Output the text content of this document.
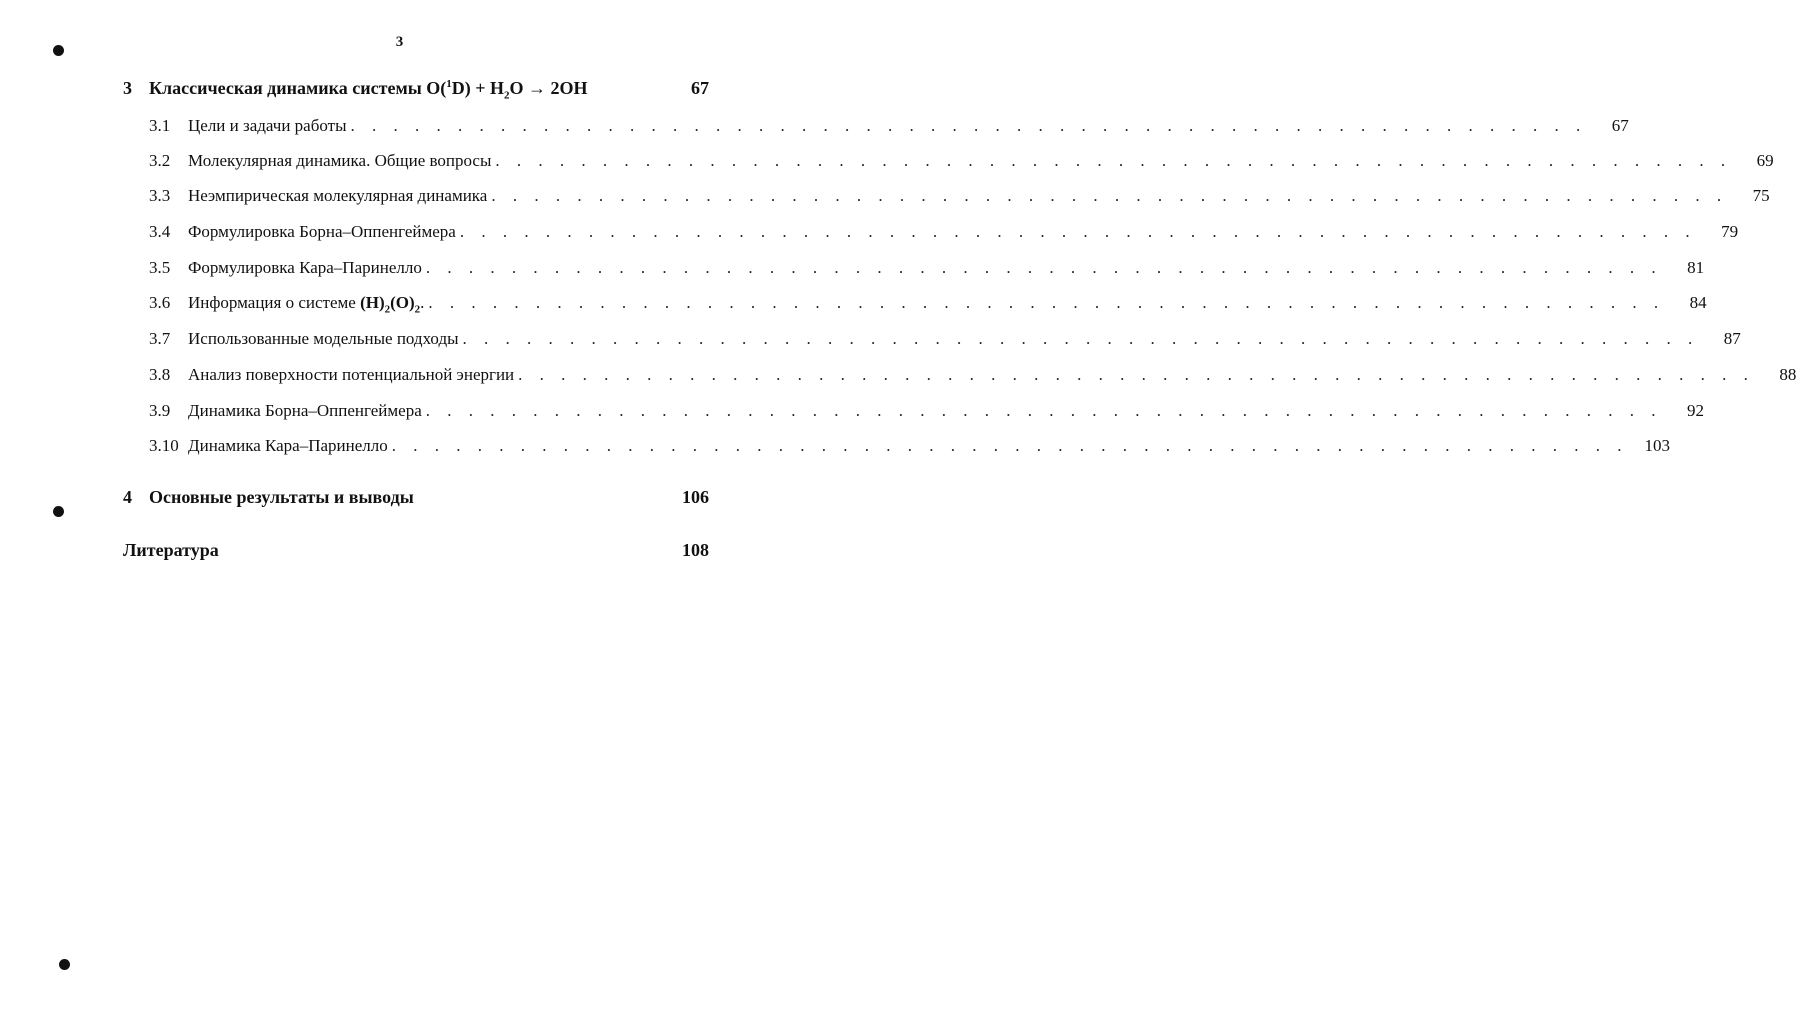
3
3 Классическая динамика системы $O(^1D) + H_2O \to 2OH$	67
3.1	Цели и задачи работы . . . . . . . . . . . . . . . . . . . . . . . . . . . . . . . . . . . . . . . . . . . . . . . . . . . . . . . . . .	67
3.2	Молекулярная динамика. Общие вопросы . . . . . . . . . . . . . . . . . . . . . . . . . . . . . . . . . . . . . . . . . . . . . . . . . . . . . . . . . .	69
3.3	Неэмпирическая молекулярная динамика . . . . . . . . . . . . . . . . . . . . . . . . . . . . . . . . . . . . . . . . . . . . . . . . . . . . . . . . . .	75
3.4	Формулировка Борна–Оппенгеймера . . . . . . . . . . . . . . . . . . . . . . . . . . . . . . . . . . . . . . . . . . . . . . . . . . . . . . . . . .	79
3.5	Формулировка Кара–Паринелло . . . . . . . . . . . . . . . . . . . . . . . . . . . . . . . . . . . . . . . . . . . . . . . . . . . . . . . . . .	81
3.6	Информация о системе $(H)_2(O)_2$. . . . . . . . . . . . . . . . . . . . . . . . . . . . . . . . . . . . . . . . . . . . . . . . . . . . . . . . . . .	84
3.7	Использованные модельные подходы . . . . . . . . . . . . . . . . . . . . . . . . . . . . . . . . . . . . . . . . . . . . . . . . . . . . . . . . . .	87
3.8	Анализ поверхности потенциальной энергии . . . . . . . . . . . . . . . . . . . . . . . . . . . . . . . . . . . . . . . . . . . . . . . . . . . . . . . . . .	88
3.9	Динамика Борна–Оппенгеймера . . . . . . . . . . . . . . . . . . . . . . . . . . . . . . . . . . . . . . . . . . . . . . . . . . . . . . . . . .	92
3.10 Динамика Кара–Паринелло . . . . . . . . . . . . . . . . . . . . . . . . . . . . . . . . . . . . . . . . . . . . . . . . . . . . . . . . . . 103
4 Основные результаты и выводы	106
Литература	108
